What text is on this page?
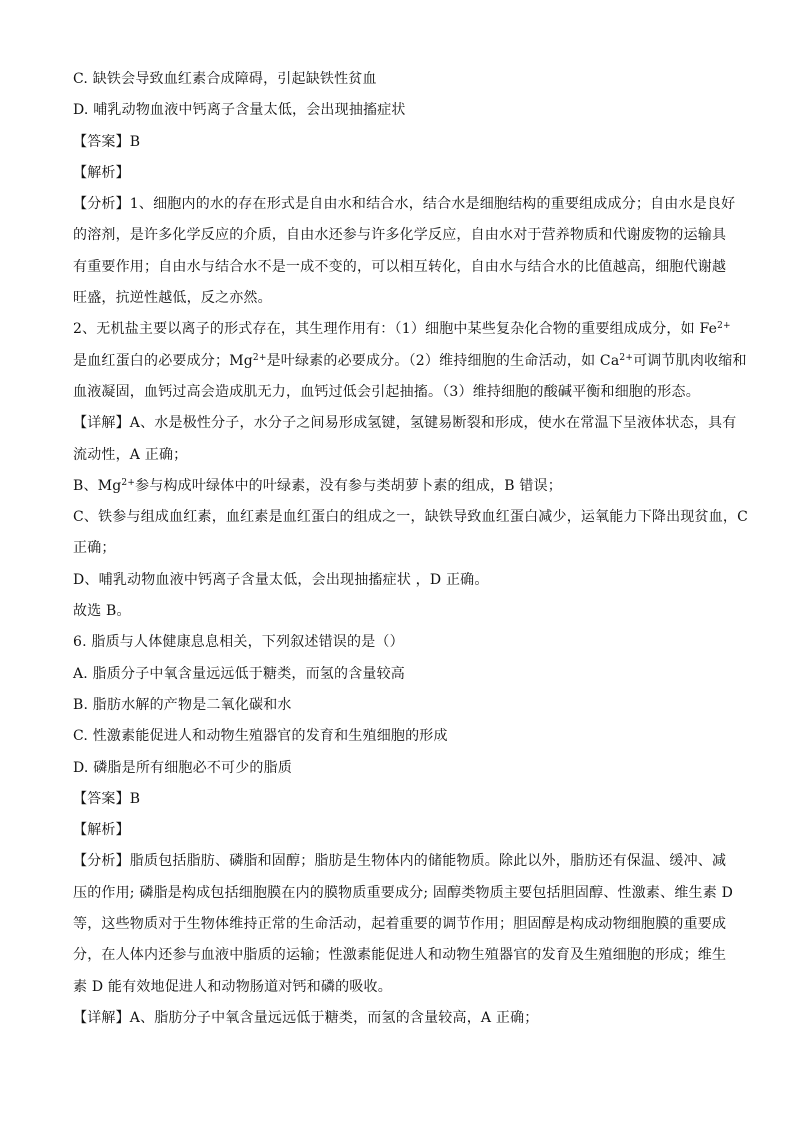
C. 缺铁会导致血红素合成障碍，引起缺铁性贫血
D. 哺乳动物血液中钙离子含量太低，会出现抽搐症状
【答案】B
【解析】
【分析】1、细胞内的水的存在形式是自由水和结合水，结合水是细胞结构的重要组成成分；自由水是良好
的溶剂，是许多化学反应的介质，自由水还参与许多化学反应，自由水对于营养物质和代谢废物的运输具
有重要作用；自由水与结合水不是一成不变的，可以相互转化，自由水与结合水的比值越高，细胞代谢越
旺盛，抗逆性越低，反之亦然。
2、无机盐主要以离子的形式存在，其生理作用有：（1）细胞中某些复杂化合物的重要组成成分，如 $Fe^{2+}$
是血红蛋白的必要成分；$Mg^{2+}$是叶绿素的必要成分。（2）维持细胞的生命活动，如 $Ca^{2+}$可调节肌肉收缩和
血液凝固，血钙过高会造成肌无力，血钙过低会引起抽搐。（3）维持细胞的酸碱平衡和细胞的形态。
【详解】A、水是极性分子，水分子之间易形成氢键，氢键易断裂和形成，使水在常温下呈液体状态，具有
流动性，A 正确；
B、$Mg^{2+}$参与构成叶绿体中的叶绿素，没有参与类胡萝卜素的组成，B 错误；
C、铁参与组成血红素，血红素是血红蛋白的组成之一，缺铁导致血红蛋白减少，运氧能力下降出现贫血，C
正确；
D、哺乳动物血液中钙离子含量太低，会出现抽搐症状 ，D 正确。
故选 B。
6. 脂质与人体健康息息相关，下列叙述错误的是（）
A. 脂质分子中氧含量远远低于糖类，而氢的含量较高
B. 脂肪水解的产物是二氧化碳和水
C. 性激素能促进人和动物生殖器官的发育和生殖细胞的形成
D. 磷脂是所有细胞必不可少的脂质
【答案】B
【解析】
【分析】脂质包括脂肪、磷脂和固醇；脂肪是生物体内的储能物质。除此以外，脂肪还有保温、缓冲、减
压的作用; 磷脂是构成包括细胞膜在内的膜物质重要成分; 固醇类物质主要包括胆固醇、性激素、维生素 D
等，这些物质对于生物体维持正常的生命活动，起着重要的调节作用；胆固醇是构成动物细胞膜的重要成
分，在人体内还参与血液中脂质的运输；性激素能促进人和动物生殖器官的发育及生殖细胞的形成；维生
素 D 能有效地促进人和动物肠道对钙和磷的吸收。
【详解】A、脂肪分子中氧含量远远低于糖类，而氢的含量较高，A 正确；
